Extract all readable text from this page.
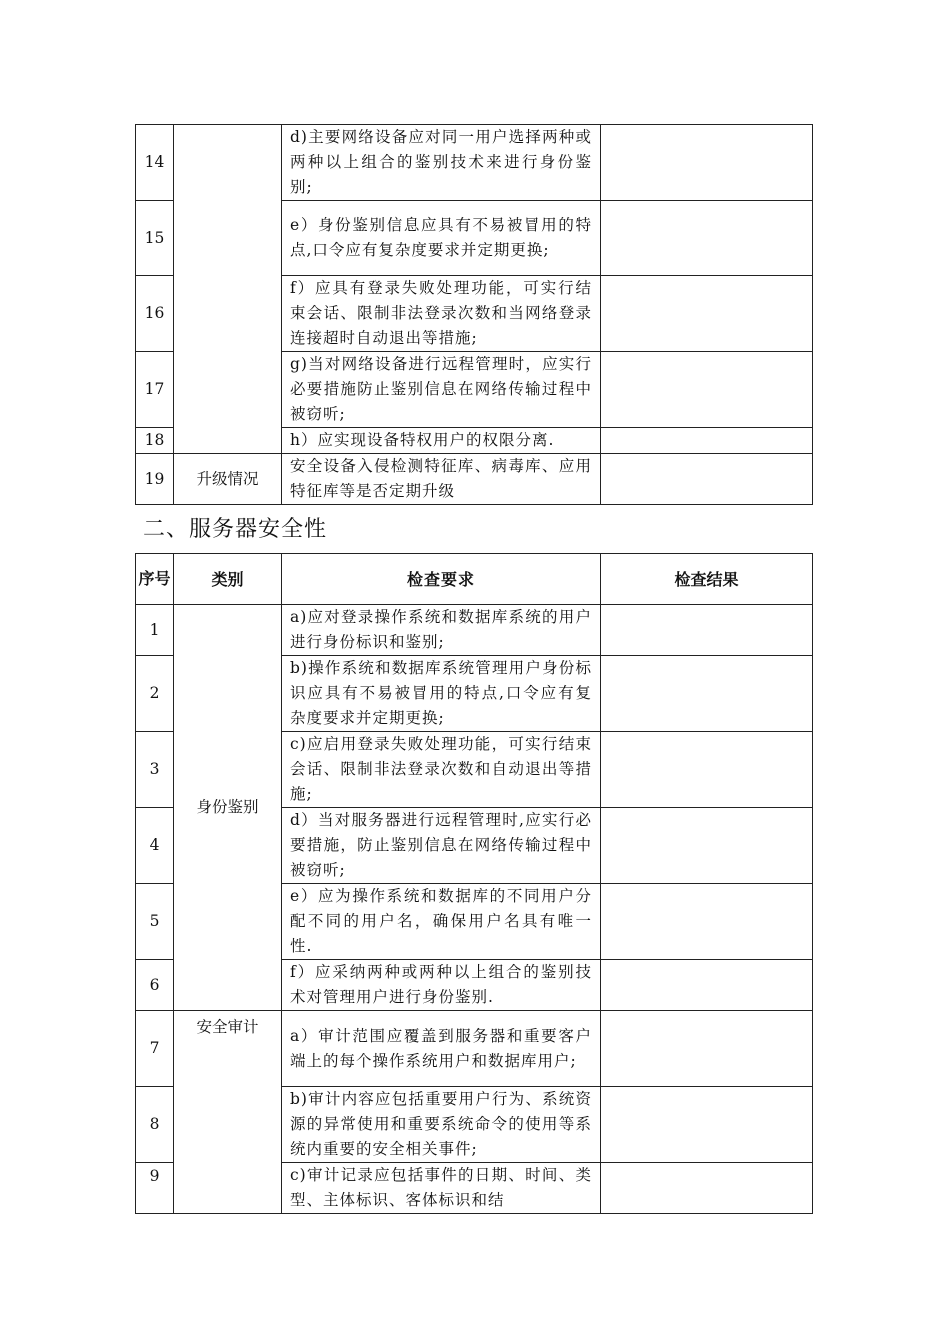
14		d)主要网络设备应对同一用户选择两种或两种以上组合的鉴别技术来进行身份鉴别;	
15		e）身份鉴别信息应具有不易被冒用的特点,口令应有复杂度要求并定期更换;	
16		f）应具有登录失败处理功能，可实行结束会话、限制非法登录次数和当网络登录连接超时自动退出等措施;	
17		g)当对网络设备进行远程管理时，应实行必要措施防止鉴别信息在网络传输过程中被窃听;	
18		h）应实现设备特权用户的权限分离.	
19	升级情况	安全设备入侵检测特征库、病毒库、应用特征库等是否定期升级	
二、服务器安全性
序号	类别	检查要求	检查结果
1	身份鉴别	a)应对登录操作系统和数据库系统的用户进行身份标识和鉴别;	
2		b)操作系统和数据库系统管理用户身份标识应具有不易被冒用的特点,口令应有复杂度要求并定期更换;	
3		c)应启用登录失败处理功能，可实行结束会话、限制非法登录次数和自动退出等措施;	
4		d）当对服务器进行远程管理时,应实行必要措施，防止鉴别信息在网络传输过程中被窃听;	
5		e）应为操作系统和数据库的不同用户分配不同的用户名，确保用户名具有唯一性.	
6		f）应采纳两种或两种以上组合的鉴别技术对管理用户进行身份鉴别.	
7	安全审计	a）审计范围应覆盖到服务器和重要客户端上的每个操作系统用户和数据库用户;	
8		b)审计内容应包括重要用户行为、系统资源的异常使用和重要系统命令的使用等系统内重要的安全相关事件;	
9		c)审计记录应包括事件的日期、时间、类型、主体标识、客体标识和结	
